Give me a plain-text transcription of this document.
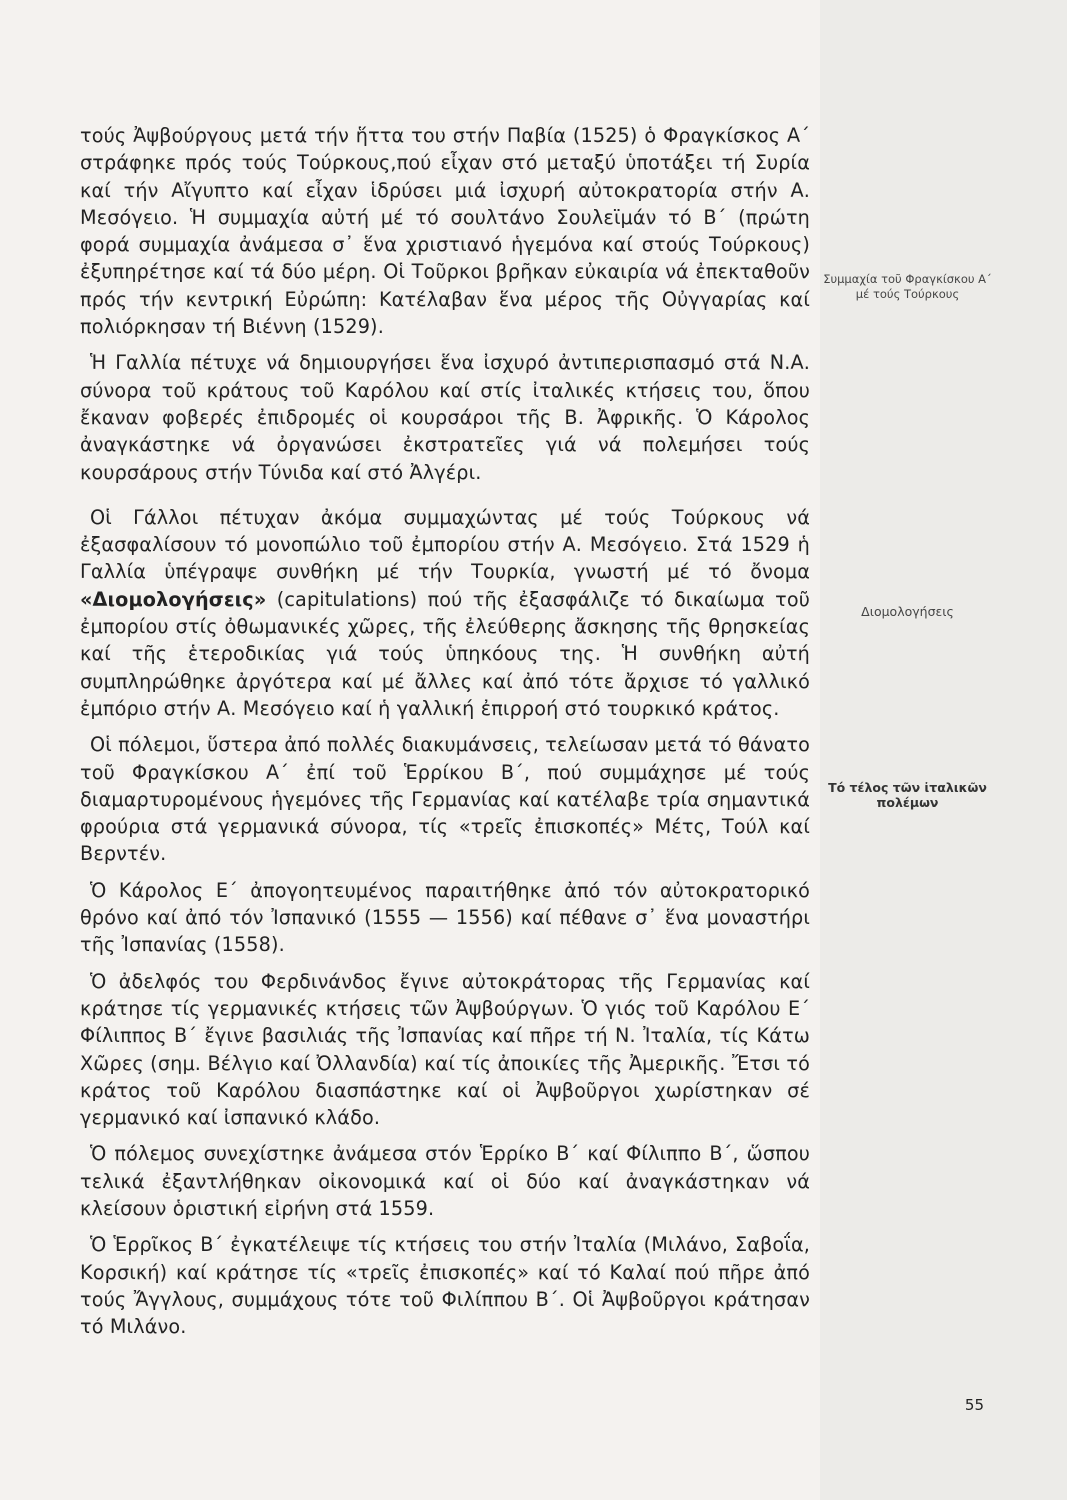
τούς Ἀψβούργους μετά τήν ἥττα του στήν Παβία (1525) ὁ Φραγκίσκος Α΄ στράφηκε πρός τούς Τούρκους,πού εἶχαν στό μεταξύ ὑποτάξει τή Συρία καί τήν Αἴγυπτο καί εἶχαν ἱδρύσει μιά ἰσχυρή αὐτοκρατορία στήν Α. Μεσόγειο. Ἡ συμμαχία αὐτή μέ τό σουλτάνο Σουλεϊμάν τό Β΄ (πρώτη φορά συμμαχία ἀνάμεσα σ᾽ ἕνα χριστιανό ἡγεμόνα καί στούς Τούρκους) ἐξυπηρέτησε καί τά δύο μέρη. Οἱ Τοῦρκοι βρῆκαν εὐκαιρία νά ἐπεκταθοῦν πρός τήν κεντρική Εὐρώπη: Κατέλαβαν ἕνα μέρος τῆς Οὐγγαρίας καί πολιόρκησαν τή Βιέννη (1529).

Ἡ Γαλλία πέτυχε νά δημιουργήσει ἕνα ἰσχυρό ἀντιπερισπασμό στά Ν.Α. σύνορα τοῦ κράτους τοῦ Καρόλου καί στίς ἰταλικές κτήσεις του, ὅπου ἔκαναν φοβερές ἐπιδρομές οἱ κουρσάροι τῆς Β. Ἀφρικῆς. Ὁ Κάρολος ἀναγκάστηκε νά ὀργανώσει ἐκστρατεῖες γιά νά πολεμήσει τούς κουρσάρους στήν Τύνιδα καί στό Ἀλγέρι.

Οἱ Γάλλοι πέτυχαν ἀκόμα συμμαχώντας μέ τούς Τούρκους νά ἐξασφαλίσουν τό μονοπώλιο τοῦ ἐμπορίου στήν Α. Μεσόγειο. Στά 1529 ἡ Γαλλία ὑπέγραψε συνθήκη μέ τήν Τουρκία, γνωστή μέ τό ὄνομα «Διομολογήσεις» (capitulations) πού τῆς ἐξασφάλιζε τό δικαίωμα τοῦ ἐμπορίου στίς ὀθωμανικές χῶρες, τῆς ἐλεύθερης ἄσκησης τῆς θρησκείας καί τῆς ἑτεροδικίας γιά τούς ὑπηκόους της. Ἡ συνθήκη αὐτή συμπληρώθηκε ἀργότερα καί μέ ἄλλες καί ἀπό τότε ἄρχισε τό γαλλικό ἐμπόριο στήν Α. Μεσόγειο καί ἡ γαλλική ἐπιρροή στό τουρκικό κράτος.

Οἱ πόλεμοι, ὕστερα ἀπό πολλές διακυμάνσεις, τελείωσαν μετά τό θάνατο τοῦ Φραγκίσκου Α΄ ἐπί τοῦ Ἑρρίκου Β΄, πού συμμάχησε μέ τούς διαμαρτυρομένους ἡγεμόνες τῆς Γερμανίας καί κατέλαβε τρία σημαντικά φρούρια στά γερμανικά σύνορα, τίς «τρεῖς ἐπισκοπές» Μέτς, Τούλ καί Βερντέν.

Ὁ Κάρολος Ε΄ ἀπογοητευμένος παραιτήθηκε ἀπό τόν αὐτοκρατορικό θρόνο καί ἀπό τόν Ἰσπανικό (1555 — 1556) καί πέθανε σ᾽ ἕνα μοναστήρι τῆς Ἰσπανίας (1558).

Ὁ ἀδελφός του Φερδινάνδος ἔγινε αὐτοκράτορας τῆς Γερμανίας καί κράτησε τίς γερμανικές κτήσεις τῶν Ἀψβούργων. Ὁ γιός τοῦ Καρόλου Ε΄ Φίλιππος Β΄ ἔγινε βασιλιάς τῆς Ἰσπανίας καί πῆρε τή Ν. Ἰταλία, τίς Κάτω Χῶρες (σημ. Βέλγιο καί Ὀλλανδία) καί τίς ἀποικίες τῆς Ἀμερικῆς. Ἔτσι τό κράτος τοῦ Καρόλου διασπάστηκε καί οἱ Ἀψβοῦργοι χωρίστηκαν σέ γερμανικό καί ἰσπανικό κλάδο.

Ὁ πόλεμος συνεχίστηκε ἀνάμεσα στόν Ἑρρίκο Β΄ καί Φίλιππο Β΄, ὥσπου τελικά ἐξαντλήθηκαν οἰκονομικά καί οἱ δύο καί ἀναγκάστηκαν νά κλείσουν ὁριστική εἰρήνη στά 1559.

Ὁ Ἑρρῖκος Β΄ ἐγκατέλειψε τίς κτήσεις του στήν Ἰταλία (Μιλάνο, Σαβοΐα, Κορσική) καί κράτησε τίς «τρεῖς ἐπισκοπές» καί τό Καλαί πού πῆρε ἀπό τούς Ἄγγλους, συμμάχους τότε τοῦ Φιλίππου Β΄. Οἱ Ἀψβοῦργοι κράτησαν τό Μιλάνο.

Συμμαχία τοῦ Φραγκίσκου Α΄ μέ τούς Τούρκους
Διομολογήσεις
Τό τέλος τῶν ἰταλικῶν πολέμων
55
